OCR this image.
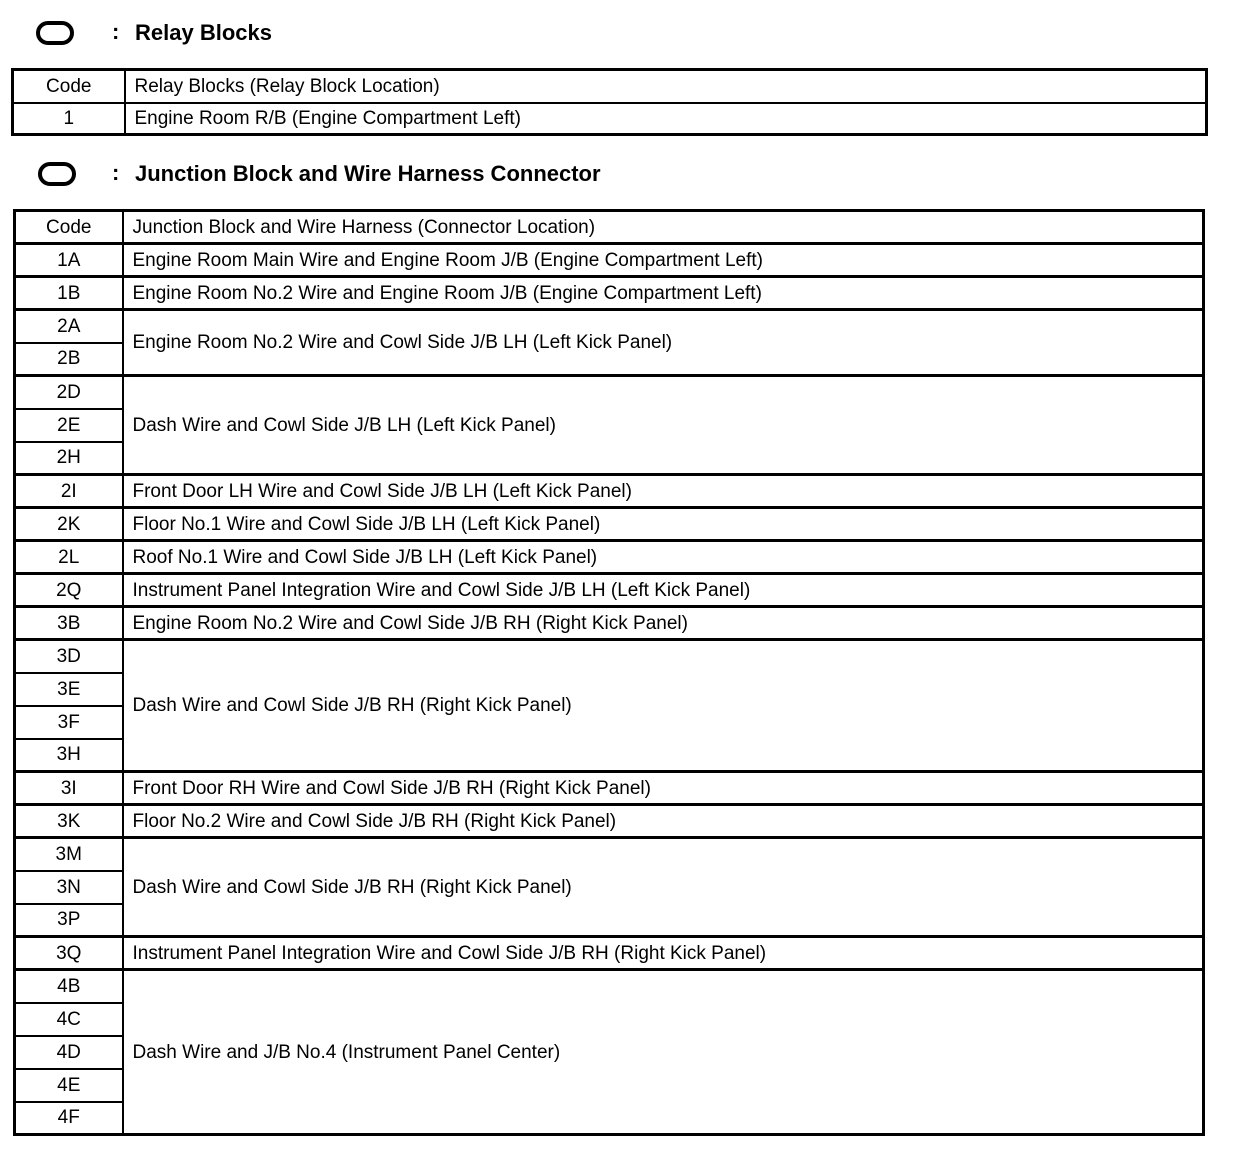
: Relay Blocks
Code	Relay Blocks (Relay Block Location)
1	Engine Room R/B (Engine Compartment Left)
: Junction Block and Wire Harness Connector
Code	Junction Block and Wire Harness (Connector Location)
1A	Engine Room Main Wire and Engine Room J/B (Engine Compartment Left)
1B	Engine Room No.2 Wire and Engine Room J/B (Engine Compartment Left)
2A	Engine Room No.2 Wire and Cowl Side J/B LH (Left Kick Panel)
2B	
2D	Dash Wire and Cowl Side J/B LH (Left Kick Panel)
2E	
2H	
2I	Front Door LH Wire and Cowl Side J/B LH (Left Kick Panel)
2K	Floor No.1 Wire and Cowl Side J/B LH (Left Kick Panel)
2L	Roof No.1 Wire and Cowl Side J/B LH (Left Kick Panel)
2Q	Instrument Panel Integration Wire and Cowl Side J/B LH (Left Kick Panel)
3B	Engine Room No.2 Wire and Cowl Side J/B RH (Right Kick Panel)
3D	Dash Wire and Cowl Side J/B RH (Right Kick Panel)
3E	
3F	
3H	
3I	Front Door RH Wire and Cowl Side J/B RH (Right Kick Panel)
3K	Floor No.2 Wire and Cowl Side J/B RH (Right Kick Panel)
3M	Dash Wire and Cowl Side J/B RH (Right Kick Panel)
3N	
3P	
3Q	Instrument Panel Integration Wire and Cowl Side J/B RH (Right Kick Panel)
4B	Dash Wire and J/B No.4 (Instrument Panel Center)
4C	
4D	
4E	
4F	
